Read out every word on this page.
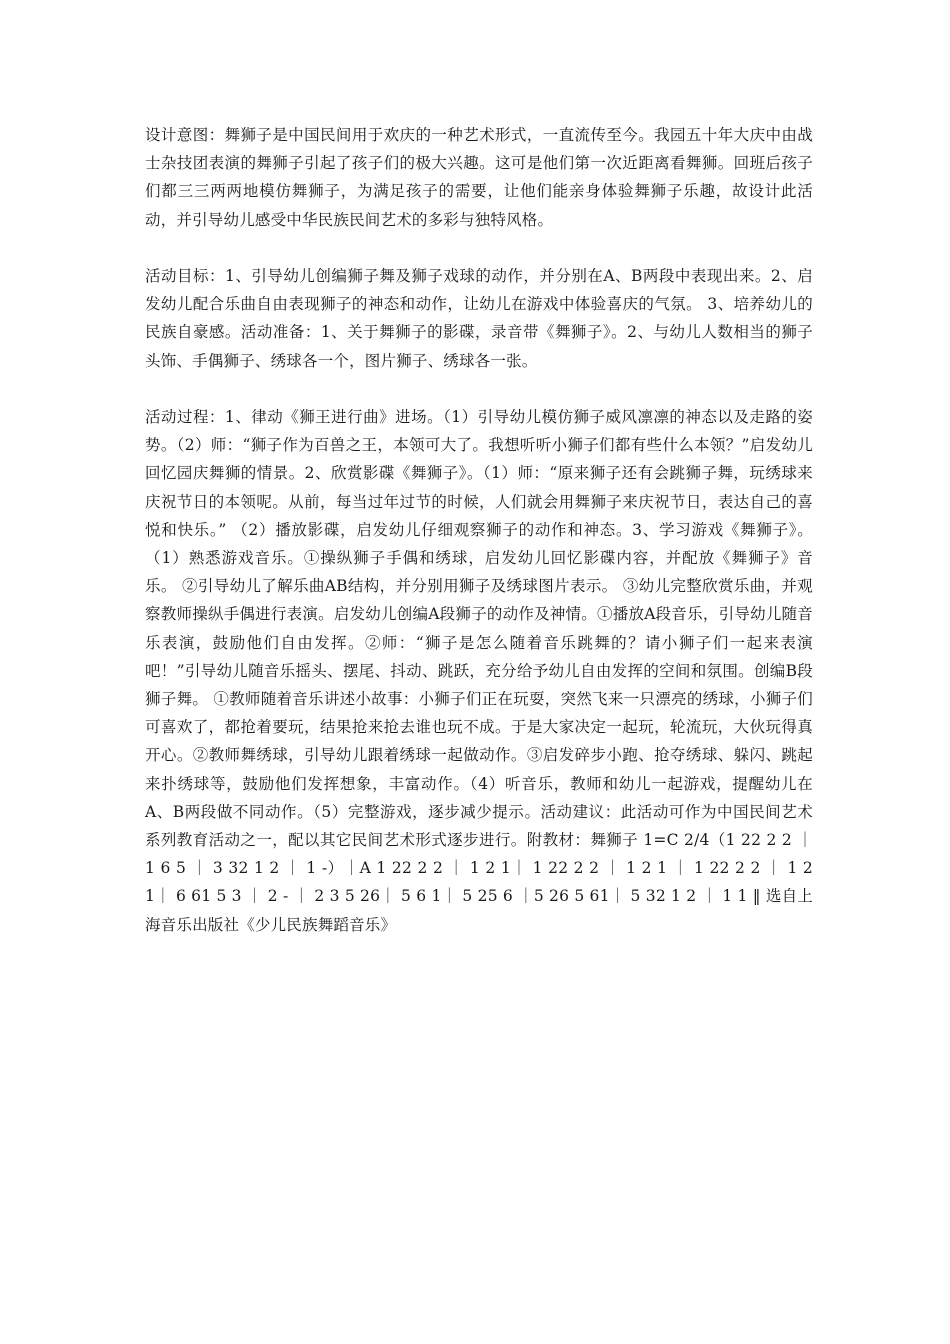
设计意图：舞狮子是中国民间用于欢庆的一种艺术形式，一直流传至今。我园五十年大庆中由战士杂技团表演的舞狮子引起了孩子们的极大兴趣。这可是他们第一次近距离看舞狮。回班后孩子们都三三两两地模仿舞狮子，为满足孩子的需要，让他们能亲身体验舞狮子乐趣，故设计此活动，并引导幼儿感受中华民族民间艺术的多彩与独特风格。

活动目标：1、引导幼儿创编狮子舞及狮子戏球的动作，并分别在A、B两段中表现出来。2、启发幼儿配合乐曲自由表现狮子的神态和动作，让幼儿在游戏中体验喜庆的气氛。 3、培养幼儿的民族自豪感。活动准备：1、关于舞狮子的影碟，录音带《舞狮子》。2、与幼儿人数相当的狮子头饰、手偶狮子、绣球各一个，图片狮子、绣球各一张。

活动过程：1、律动《狮王进行曲》进场。（1）引导幼儿模仿狮子威风凛凛的神态以及走路的姿势。（2）师：“狮子作为百兽之王，本领可大了。我想听听小狮子们都有些什么本领？”启发幼儿回忆园庆舞狮的情景。2、欣赏影碟《舞狮子》。（1）师：“原来狮子还有会跳狮子舞，玩绣球来庆祝节日的本领呢。从前，每当过年过节的时候，人们就会用舞狮子来庆祝节日，表达自己的喜悦和快乐。” （2）播放影碟，启发幼儿仔细观察狮子的动作和神态。3、学习游戏《舞狮子》。（1）熟悉游戏音乐。①操纵狮子手偶和绣球，启发幼儿回忆影碟内容，并配放《舞狮子》音乐。 ②引导幼儿了解乐曲AB结构，并分别用狮子及绣球图片表示。 ③幼儿完整欣赏乐曲，并观察教师操纵手偶进行表演。启发幼儿创编A段狮子的动作及神情。①播放A段音乐，引导幼儿随音乐表演，鼓励他们自由发挥。②师：“狮子是怎么随着音乐跳舞的？请小狮子们一起来表演吧！”引导幼儿随音乐摇头、摆尾、抖动、跳跃，充分给予幼儿自由发挥的空间和氛围。创编B段狮子舞。 ①教师随着音乐讲述小故事：小狮子们正在玩耍，突然飞来一只漂亮的绣球，小狮子们可喜欢了，都抢着要玩，结果抢来抢去谁也玩不成。于是大家决定一起玩，轮流玩，大伙玩得真开心。②教师舞绣球，引导幼儿跟着绣球一起做动作。③启发碎步小跑、抢夺绣球、躲闪、跳起来扑绣球等，鼓励他们发挥想象，丰富动作。（4）听音乐，教师和幼儿一起游戏，提醒幼儿在A、B两段做不同动作。（5）完整游戏，逐步减少提示。活动建议：此活动可作为中国民间艺术系列教育活动之一，配以其它民间艺术形式逐步进行。附教材：舞狮子 1=C 2/4（1 22 2 2 ｜ 1 6 5 ｜ 3 32 1 2 ｜ 1 -）｜A 1 22 2 2 ｜ 1 2 1｜ 1 22 2 2 ｜ 1 2 1 ｜ 1 22 2 2 ｜ 1 2 1｜ 6 61 5 3 ｜ 2 - ｜ 2 3 5 26｜ 5 6 1｜ 5 25 6 ｜5 26 5 61｜ 5 32 1 2 ｜ 1 1 ‖ 选自上海音乐出版社《少儿民族舞蹈音乐》
